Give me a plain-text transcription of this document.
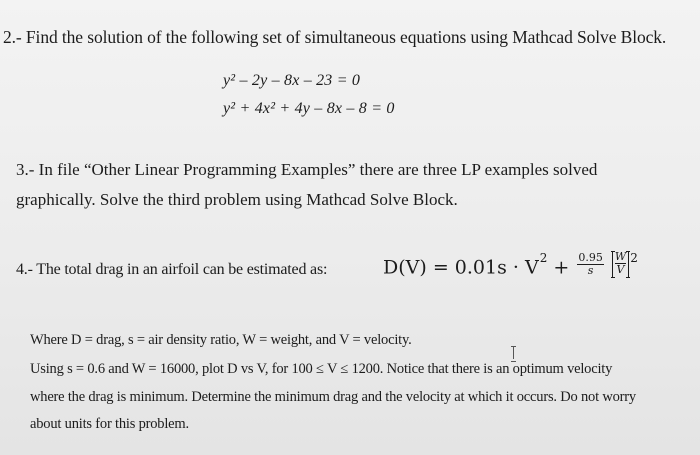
2.- Find the solution of the following set of simultaneous equations using Mathcad Solve Block.
y² – 2y – 8x – 23 = 0
y² + 4x² + 4y – 8x – 8 = 0
3.- In file “Other Linear Programming Examples” there are three LP examples solved
graphically. Solve the third problem using Mathcad Solve Block.
4.- The total drag in an airfoil can be estimated as:	$D(V) = 0.01s \cdot V^2 + \frac{0.95}{s}$
$\frac{W}{V} ^2$
Where D = drag, s = air density ratio, W = weight, and V = velocity.
Using s = 0.6 and W = 16000, plot D vs V, for 100 ≤ V ≤ 1200. Notice that there is an optimum velocity
where the drag is minimum. Determine the minimum drag and the velocity at which it occurs. Do not worry
about units for this problem.
